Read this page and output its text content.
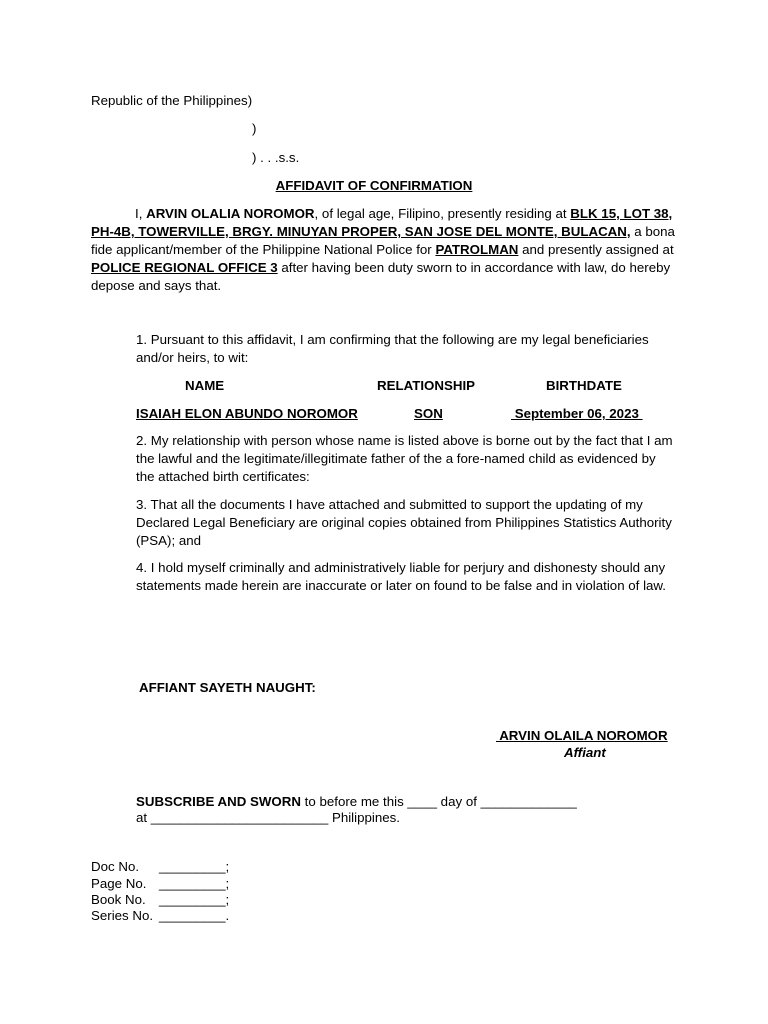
Republic of the Philippines)
)
) . . .s.s.
AFFIDAVIT OF CONFIRMATION
I, ARVIN OLALIA NOROMOR, of legal age, Filipino, presently residing at BLK 15, LOT 38, PH-4B, TOWERVILLE, BRGY. MINUYAN PROPER, SAN JOSE DEL MONTE, BULACAN, a bona fide applicant/member of the Philippine National Police for PATROLMAN and presently assigned at POLICE REGIONAL OFFICE 3 after having been duty sworn to in accordance with law, do hereby depose and says that.
1. Pursuant to this affidavit, I am confirming that the following are my legal beneficiaries and/or heirs, to wit:
NAME	RELATIONSHIP	BIRTHDATE
ISAIAH ELON ABUNDO NOROMOR	SON	September 06, 2023
2. My relationship with person whose name is listed above is borne out by the fact that I am the lawful and the legitimate/illegitimate father of the a fore-named child as evidenced by the attached birth certificates:
3. That all the documents I have attached and submitted to support the updating of my Declared Legal Beneficiary are original copies obtained from Philippines Statistics Authority (PSA); and
4. I hold myself criminally and administratively liable for perjury and dishonesty should any statements made herein are inaccurate or later on found to be false and in violation of law.
AFFIANT SAYETH NAUGHT:
ARVIN OLAILA NOROMOR
Affiant
SUBSCRIBE AND SWORN to before me this ____ day of _____________
at ________________________ Philippines.
Doc No. _________;
Page No. _________;
Book No. _________;
Series No. _________.
